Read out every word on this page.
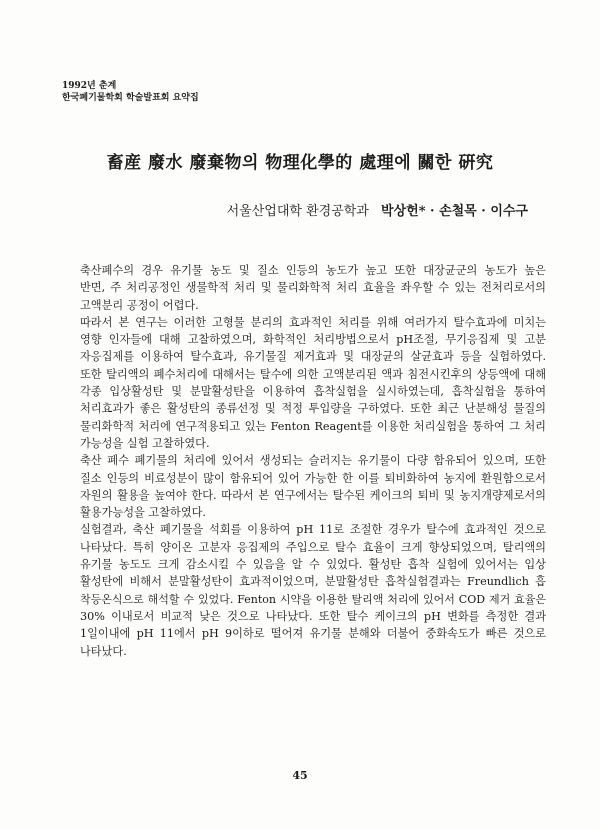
1992년 춘계
한국폐기물학회 학술발표회 요약집
畜産 廢水 廢棄物의 物理化學的 處理에 關한 硏究
서울산업대학 환경공학과 박상헌* · 손철목 · 이수구
축산폐수의 경우 유기물 농도 및 질소 인등의 농도가 높고 또한 대장균군의 농도가 높은
반면, 주 처리공정인 생물학적 처리 및 물리화학적 처리 효율을 좌우할 수 있는 전처리로서의
고액분리 공정이 어렵다.
따라서 본 연구는 이러한 고형물 분리의 효과적인 처리를 위해 여러가지 탈수효과에 미치는
영향 인자들에 대해 고찰하였으며, 화학적인 처리방법으로서 pH조절, 무기응집제 및 고분
자응집제를 이용하여 탈수효과, 유기물질 제거효과 및 대장균의 살균효과 등을 실험하였다.
또한 탈리액의 폐수처리에 대해서는 탈수에 의한 고액분리된 액과 침전시킨후의 상등액에 대해
각종 입상활성탄 및 분말활성탄을 이용하여 흡착실험을 실시하였는데, 흡착실험을 통하여
처리효과가 좋은 활성탄의 종류선정 및 적정 투입량을 구하였다. 또한 최근 난분해성 물질의
물리화학적 처리에 연구적용되고 있는 Fenton Reagent를 이용한 처리실험을 통하여 그 처리
가능성을 실험 고찰하였다.
축산 폐수 폐기물의 처리에 있어서 생성되는 슬러지는 유기물이 다량 함유되어 있으며, 또한
질소 인등의 비료성분이 많이 함유되어 있어 가능한 한 이를 퇴비화하여 농지에 환원함으로서
자원의 활용을 높여야 한다. 따라서 본 연구에서는 탈수된 케이크의 퇴비 및 농지개량제로서의
활용가능성을 고찰하였다.
실험결과, 축산 폐기물을 석회를 이용하여 pH 11로 조절한 경우가 탈수에 효과적인 것으로
나타났다. 특히 양이온 고분자 응집제의 주입으로 탈수 효율이 크게 향상되었으며, 탈리액의
유기물 농도도 크게 감소시킬 수 있음을 알 수 있었다. 활성탄 흡착 실험에 있어서는 입상
활성탄에 비해서 분말활성탄이 효과적이었으며, 분말활성탄 흡착실험결과는 Freundlich 흡
착등온식으로 해석할 수 있었다. Fenton 시약을 이용한 탈리액 처리에 있어서 COD 제거 효율은
30% 이내로서 비교적 낮은 것으로 나타났다. 또한 탈수 케이크의 pH 변화를 측정한 결과
1일이내에 pH 11에서 pH 9이하로 떨어져 유기물 분해와 더불어 중화속도가 빠른 것으로
나타났다.
45
